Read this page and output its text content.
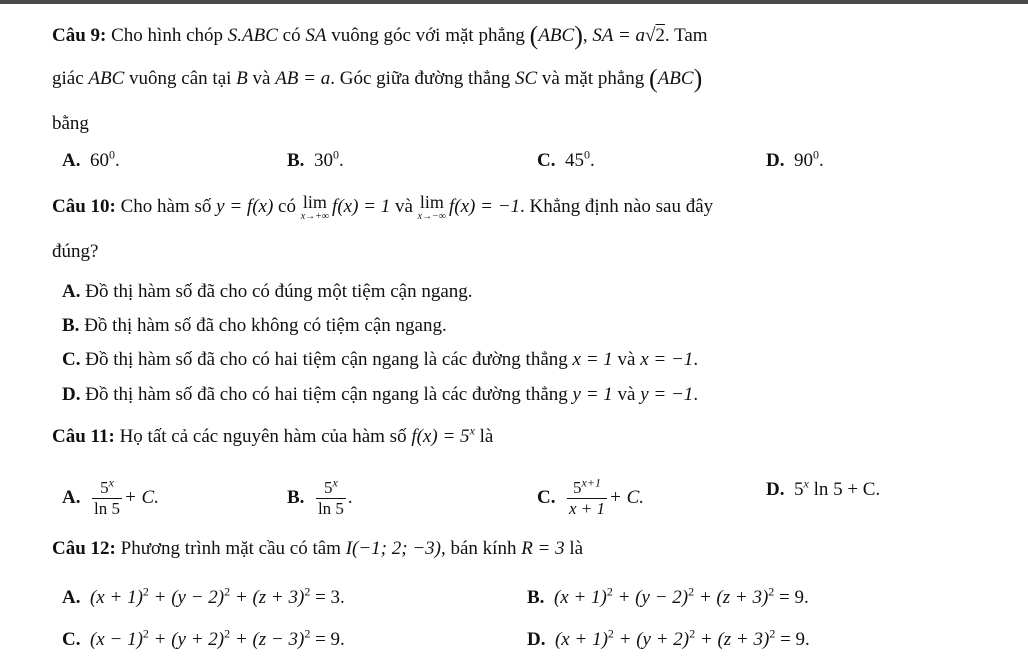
Câu 9: Cho hình chóp S.ABC có SA vuông góc với mặt phẳng (ABC), SA = a√2. Tam
giác ABC vuông cân tại B và AB = a. Góc giữa đường thẳng SC và mặt phẳng (ABC)
bằng
A. $60^0$.	B. $30^0$.	C. $45^0$.	D. $90^0$.
Câu 10: Cho hàm số y = f(x) có lim
x→+∞ f(x) = 1 và lim
x→−∞ f(x) = −1. Khẳng định nào sau đây
đúng?
A. Đồ thị hàm số đã cho có đúng một tiệm cận ngang.
B. Đồ thị hàm số đã cho không có tiệm cận ngang.
C. Đồ thị hàm số đã cho có hai tiệm cận ngang là các đường thẳng x = 1 và x = −1.
D. Đồ thị hàm số đã cho có hai tiệm cận ngang là các đường thẳng y = 1 và y = −1.
Câu 11: Họ tất cả các nguyên hàm của hàm số $f(x) = 5^x$ là
A. $\frac{5^x}{\ln 5} + C$.	B. $\frac{5^x}{\ln 5}$ .	C. $\frac{5^{x+1}}{x + 1} + C$.	D. 5$^x$ ln 5 + C.
Câu 12: Phương trình mặt cầu có tâm I(−1; 2; −3), bán kính R = 3 là
A. $(x + 1)^2 + (y - 2)^2 + (z + 3)^2 = 3$.	B. $(x + 1)^2 + (y - 2)^2 + (z + 3)^2 = 9$.
C. $(x - 1)^2 + (y + 2)^2 + (z - 3)^2 = 9$.	D. $(x + 1)^2 + (y + 2)^2 + (z + 3)^2 = 9$.
